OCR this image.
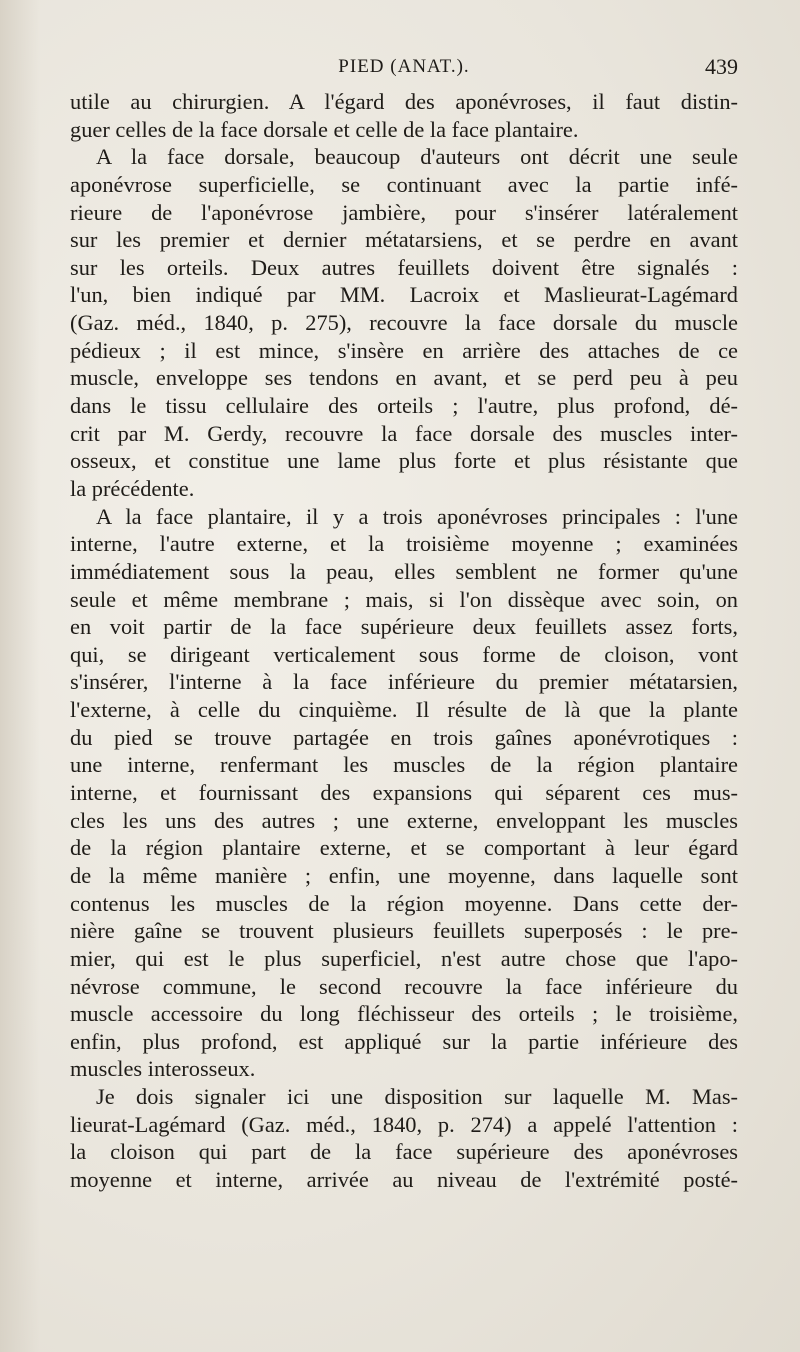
PIED (ANAT.).	439
utile au chirurgien. A l'égard des aponévroses, il faut distin-
guer celles de la face dorsale et celle de la face plantaire.
A la face dorsale, beaucoup d'auteurs ont décrit une seule
aponévrose superficielle, se continuant avec la partie infé-
rieure de l'aponévrose jambière, pour s'insérer latéralement
sur les premier et dernier métatarsiens, et se perdre en avant
sur les orteils. Deux autres feuillets doivent être signalés :
l'un, bien indiqué par MM. Lacroix et Maslieurat-Lagémard
(Gaz. méd., 1840, p. 275), recouvre la face dorsale du muscle
pédieux ; il est mince, s'insère en arrière des attaches de ce
muscle, enveloppe ses tendons en avant, et se perd peu à peu
dans le tissu cellulaire des orteils ; l'autre, plus profond, dé-
crit par M. Gerdy, recouvre la face dorsale des muscles inter-
osseux, et constitue une lame plus forte et plus résistante que
la précédente.
A la face plantaire, il y a trois aponévroses principales : l'une
interne, l'autre externe, et la troisième moyenne ; examinées
immédiatement sous la peau, elles semblent ne former qu'une
seule et même membrane ; mais, si l'on dissèque avec soin, on
en voit partir de la face supérieure deux feuillets assez forts,
qui, se dirigeant verticalement sous forme de cloison, vont
s'insérer, l'interne à la face inférieure du premier métatarsien,
l'externe, à celle du cinquième. Il résulte de là que la plante
du pied se trouve partagée en trois gaînes aponévrotiques :
une interne, renfermant les muscles de la région plantaire
interne, et fournissant des expansions qui séparent ces mus-
cles les uns des autres ; une externe, enveloppant les muscles
de la région plantaire externe, et se comportant à leur égard
de la même manière ; enfin, une moyenne, dans laquelle sont
contenus les muscles de la région moyenne. Dans cette der-
nière gaîne se trouvent plusieurs feuillets superposés : le pre-
mier, qui est le plus superficiel, n'est autre chose que l'apo-
névrose commune, le second recouvre la face inférieure du
muscle accessoire du long fléchisseur des orteils ; le troisième,
enfin, plus profond, est appliqué sur la partie inférieure des
muscles interosseux.
Je dois signaler ici une disposition sur laquelle M. Mas-
lieurat-Lagémard (Gaz. méd., 1840, p. 274) a appelé l'attention :
la cloison qui part de la face supérieure des aponévroses
moyenne et interne, arrivée au niveau de l'extrémité posté-
